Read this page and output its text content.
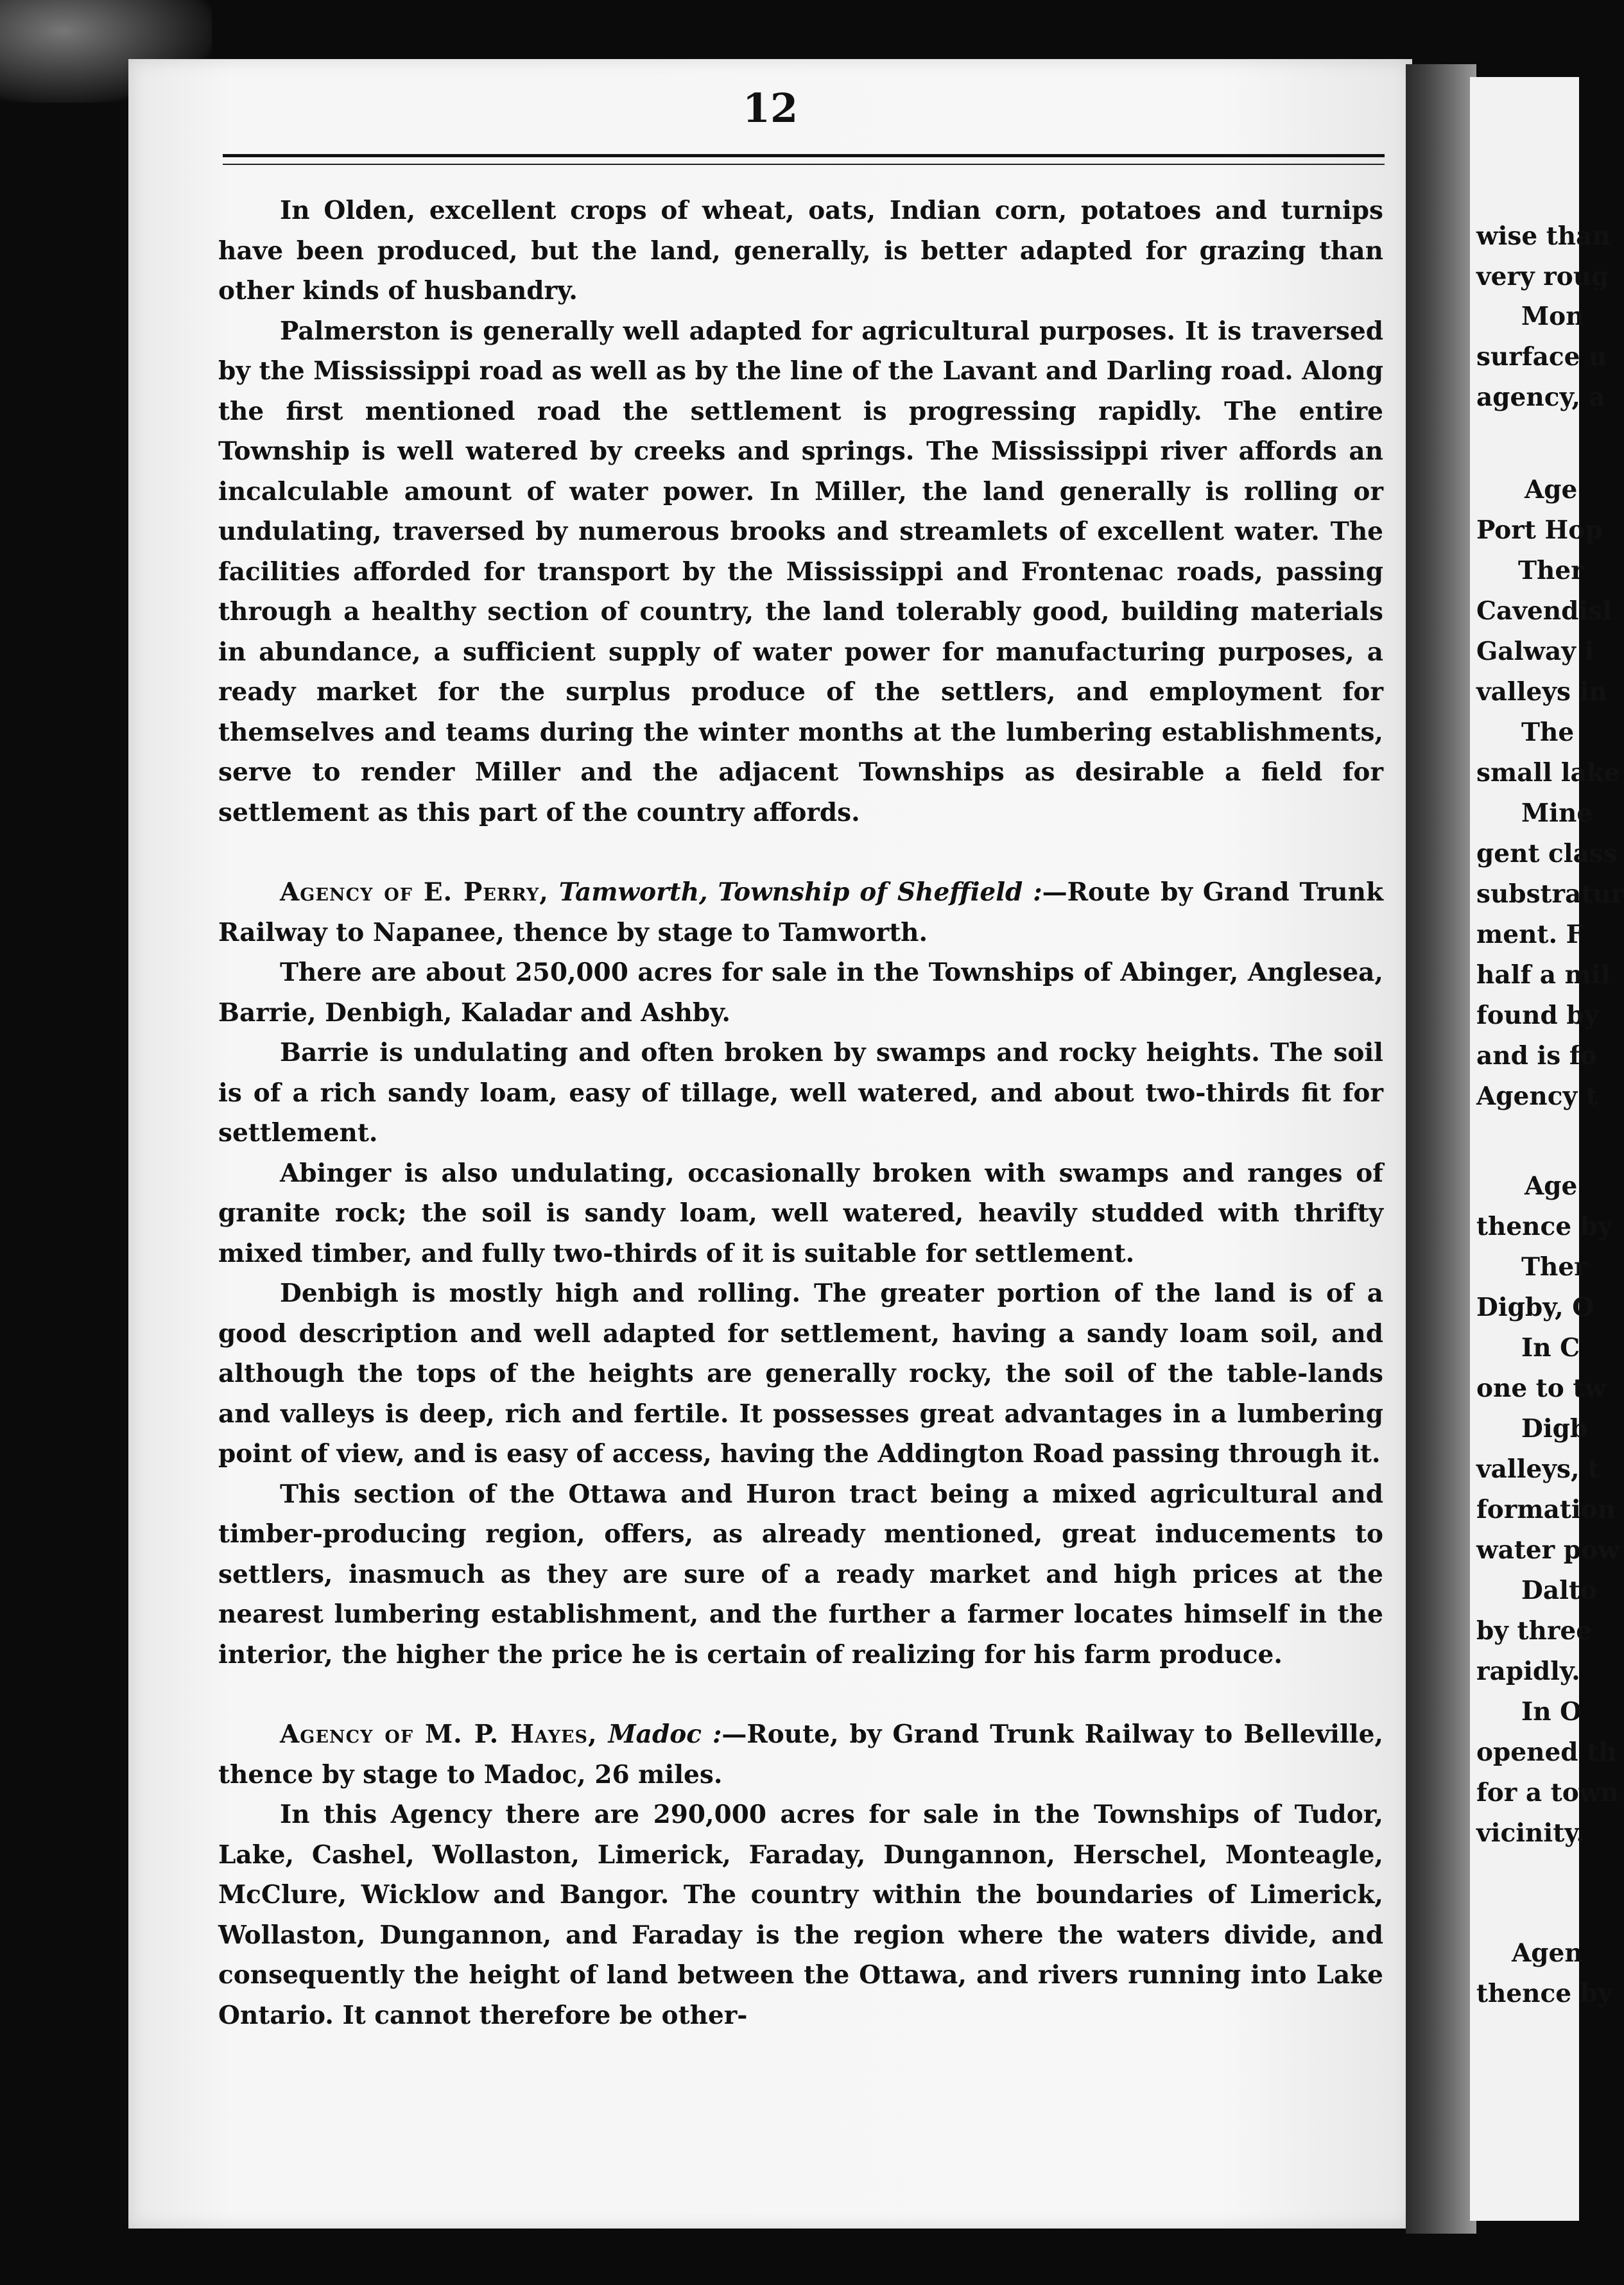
12

In Olden, excellent crops of wheat, oats, Indian corn, potatoes and turnips have been produced, but the land, generally, is better adapted for grazing than other kinds of husbandry.

Palmerston is generally well adapted for agricultural purposes. It is traversed by the Mississippi road as well as by the line of the Lavant and Darling road. Along the first mentioned road the settlement is progressing rapidly. The entire Township is well watered by creeks and springs. The Mississippi river affords an incalculable amount of water power. In Miller, the land generally is rolling or undulating, traversed by numerous brooks and streamlets of excellent water. The facilities afforded for transport by the Mississippi and Frontenac roads, passing through a healthy section of country, the land tolerably good, building materials in abundance, a sufficient supply of water power for manufacturing purposes, a ready market for the surplus produce of the settlers, and employment for themselves and teams during the winter months at the lumbering establishments, serve to render Miller and the adjacent Townships as desirable a field for settlement as this part of the country affords.

Agency of E. Perry, Tamworth, Township of Sheffield :—Route by Grand Trunk Railway to Napanee, thence by stage to Tamworth.

There are about 250,000 acres for sale in the Townships of Abinger, Anglesea, Barrie, Denbigh, Kaladar and Ashby.

Barrie is undulating and often broken by swamps and rocky heights. The soil is of a rich sandy loam, easy of tillage, well watered, and about two-thirds fit for settlement.

Abinger is also undulating, occasionally broken with swamps and ranges of granite rock; the soil is sandy loam, well watered, heavily studded with thrifty mixed timber, and fully two-thirds of it is suitable for settlement.

Denbigh is mostly high and rolling. The greater portion of the land is of a good description and well adapted for settlement, having a sandy loam soil, and although the tops of the heights are generally rocky, the soil of the table-lands and valleys is deep, rich and fertile. It possesses great advantages in a lumbering point of view, and is easy of access, having the Addington Road passing through it.

This section of the Ottawa and Huron tract being a mixed agricultural and timber-producing region, offers, as already mentioned, great inducements to settlers, inasmuch as they are sure of a ready market and high prices at the nearest lumbering establishment, and the further a farmer locates himself in the interior, the higher the price he is certain of realizing for his farm produce.

Agency of M. P. Hayes, Madoc :—Route, by Grand Trunk Railway to Belleville, thence by stage to Madoc, 26 miles.

In this Agency there are 290,000 acres for sale in the Townships of Tudor, Lake, Cashel, Wollaston, Limerick, Faraday, Dungannon, Herschel, Monteagle, McClure, Wicklow and Bangor. The country within the boundaries of Limerick, Wollaston, Dungannon, and Faraday is the region where the waters divide, and consequently the height of land between the Ottawa, and rivers running into Lake Ontario. It cannot therefore be other-

wise than
very roug
Mon
surface u
agency, a
Age
Port Hop
Ther
Cavendisl
Galway i
valleys in
The
small lake
Mine
gent class
substratur
ment. F
half a mil
found by
and is fo
Agency t
Age
thence by
Ther
Digby, O
In C
one to tw
Digb
valleys, t
formation
water pow
Dalto
by three
rapidly.
In O
opened th
for a town
vicinity.
Agen
thence by
